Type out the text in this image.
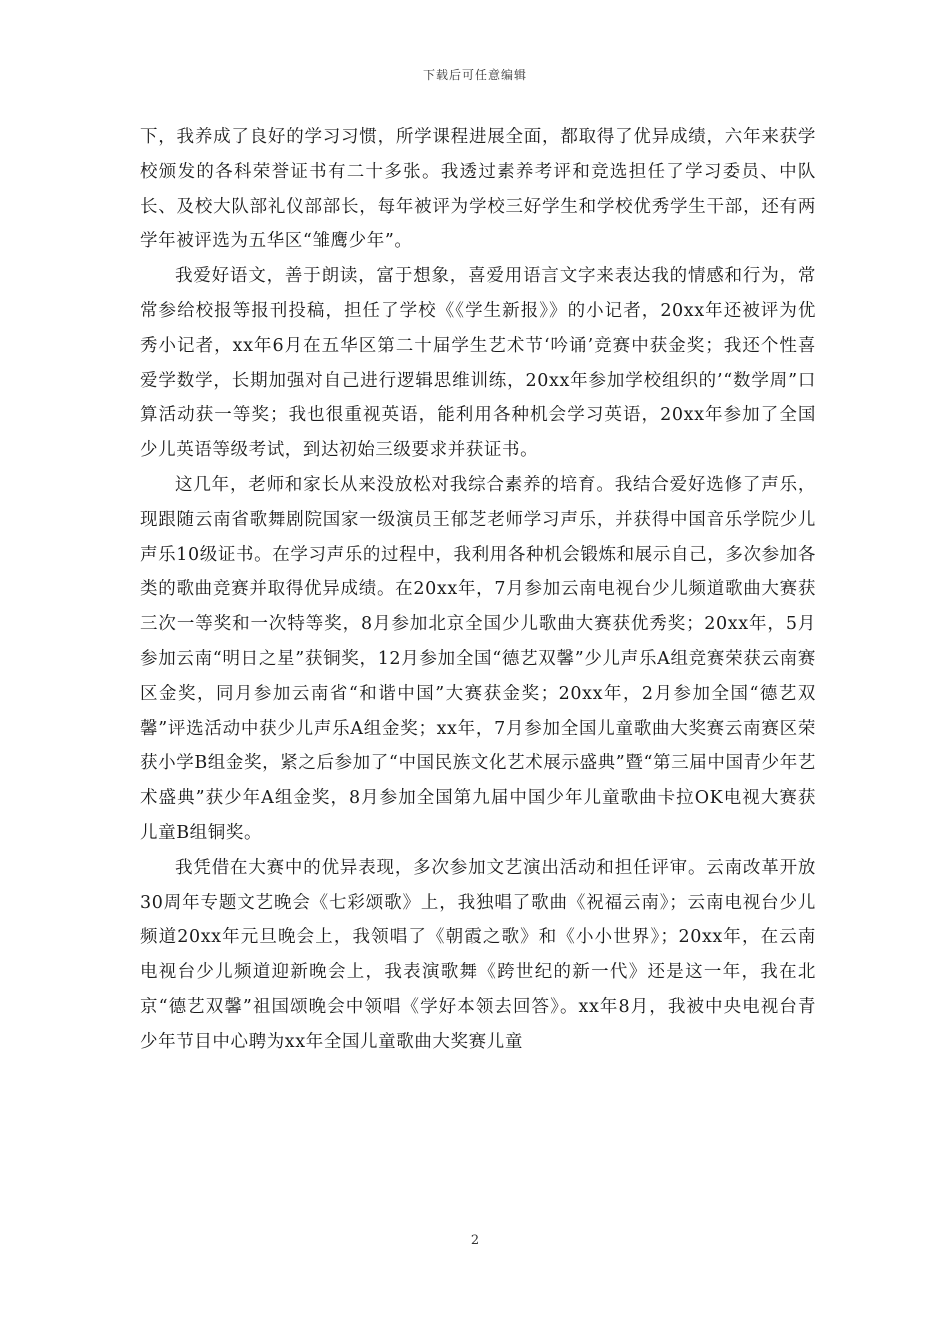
下载后可任意编辑

下，我养成了良好的学习习惯，所学课程进展全面，都取得了优异成绩，六年来获学校颁发的各科荣誉证书有二十多张。我透过素养考评和竞选担任了学习委员、中队长、及校大队部礼仪部部长，每年被评为学校三好学生和学校优秀学生干部，还有两学年被评选为五华区“雏鹰少年”。

我爱好语文，善于朗读，富于想象，喜爱用语言文字来表达我的情感和行为，常常参给校报等报刊投稿，担任了学校《《学生新报》》的小记者，20xx年还被评为优秀小记者，xx年6月在五华区第二十届学生艺术节‘吟诵’竞赛中获金奖；我还个性喜爱学数学，长期加强对自己进行逻辑思维训练，20xx年参加学校组织的’“数学周”口算活动获一等奖；我也很重视英语，能利用各种机会学习英语，20xx年参加了全国少儿英语等级考试，到达初始三级要求并获证书。

这几年，老师和家长从来没放松对我综合素养的培育。我结合爱好选修了声乐，现跟随云南省歌舞剧院国家一级演员王郁芝老师学习声乐，并获得中国音乐学院少儿声乐10级证书。在学习声乐的过程中，我利用各种机会锻炼和展示自己，多次参加各类的歌曲竞赛并取得优异成绩。在20xx年，7月参加云南电视台少儿频道歌曲大赛获三次一等奖和一次特等奖，8月参加北京全国少儿歌曲大赛获优秀奖；20xx年，5月参加云南“明日之星”获铜奖，12月参加全国“德艺双馨”少儿声乐A组竞赛荣获云南赛区金奖，同月参加云南省“和谐中国”大赛获金奖；20xx年，2月参加全国“德艺双馨”评选活动中获少儿声乐A组金奖；xx年，7月参加全国儿童歌曲大奖赛云南赛区荣获小学B组金奖，紧之后参加了“中国民族文化艺术展示盛典”暨“第三届中国青少年艺术盛典”获少年A组金奖，8月参加全国第九届中国少年儿童歌曲卡拉OK电视大赛获儿童B组铜奖。

我凭借在大赛中的优异表现，多次参加文艺演出活动和担任评审。云南改革开放30周年专题文艺晚会《七彩颂歌》上，我独唱了歌曲《祝福云南》；云南电视台少儿频道20xx年元旦晚会上，我领唱了《朝霞之歌》和《小小世界》；20xx年，在云南电视台少儿频道迎新晚会上，我表演歌舞《跨世纪的新一代》还是这一年，我在北京“德艺双馨”祖国颂晚会中领唱《学好本领去回答》。xx年8月，我被中央电视台青少年节目中心聘为xx年全国儿童歌曲大奖赛儿童

2
